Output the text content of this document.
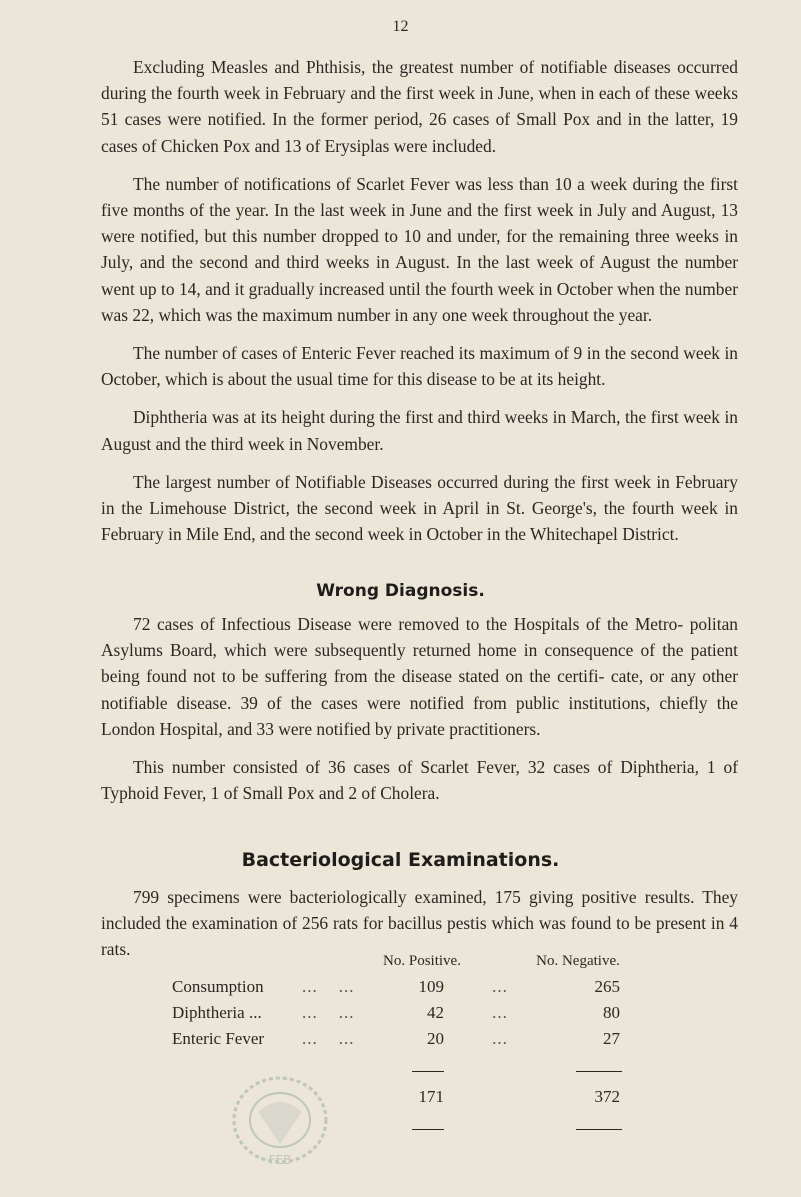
12

Excluding Measles and Phthisis, the greatest number of notifiable diseases occurred during the fourth week in February and the first week in June, when in each of these weeks 51 cases were notified. In the former period, 26 cases of Small Pox and in the latter, 19 cases of Chicken Pox and 13 of Erysiplas were included.

The number of notifications of Scarlet Fever was less than 10 a week during the first five months of the year. In the last week in June and the first week in July and August, 13 were notified, but this number dropped to 10 and under, for the remaining three weeks in July, and the second and third weeks in August. In the last week of August the number went up to 14, and it gradually increased until the fourth week in October when the number was 22, which was the maximum number in any one week throughout the year.

The number of cases of Enteric Fever reached its maximum of 9 in the second week in October, which is about the usual time for this disease to be at its height.

Diphtheria was at its height during the first and third weeks in March, the first week in August and the third week in November.

The largest number of Notifiable Diseases occurred during the first week in February in the Limehouse District, the second week in April in St. George's, the fourth week in February in Mile End, and the second week in October in the Whitechapel District.

Wrong Diagnosis.

72 cases of Infectious Disease were removed to the Hospitals of the Metro- politan Asylums Board, which were subsequently returned home in consequence of the patient being found not to be suffering from the disease stated on the certifi- cate, or any other notifiable disease. 39 of the cases were notified from public institutions, chiefly the London Hospital, and 33 were notified by private practitioners.

This number consisted of 36 cases of Scarlet Fever, 32 cases of Diphtheria, 1 of Typhoid Fever, 1 of Small Pox and 2 of Cholera.

Bacteriological Examinations.

799 specimens were bacteriologically examined, 175 giving positive results. They included the examination of 256 rats for bacillus pestis which was found to be present in 4 rats.

		No. Positive.		No. Negative.
Consumption	...    ...	109	...	265
Diphtheria ...	...    ...	42	...	80
Enteric Fever	...    ...	20	...	27

		171		372

FEB
